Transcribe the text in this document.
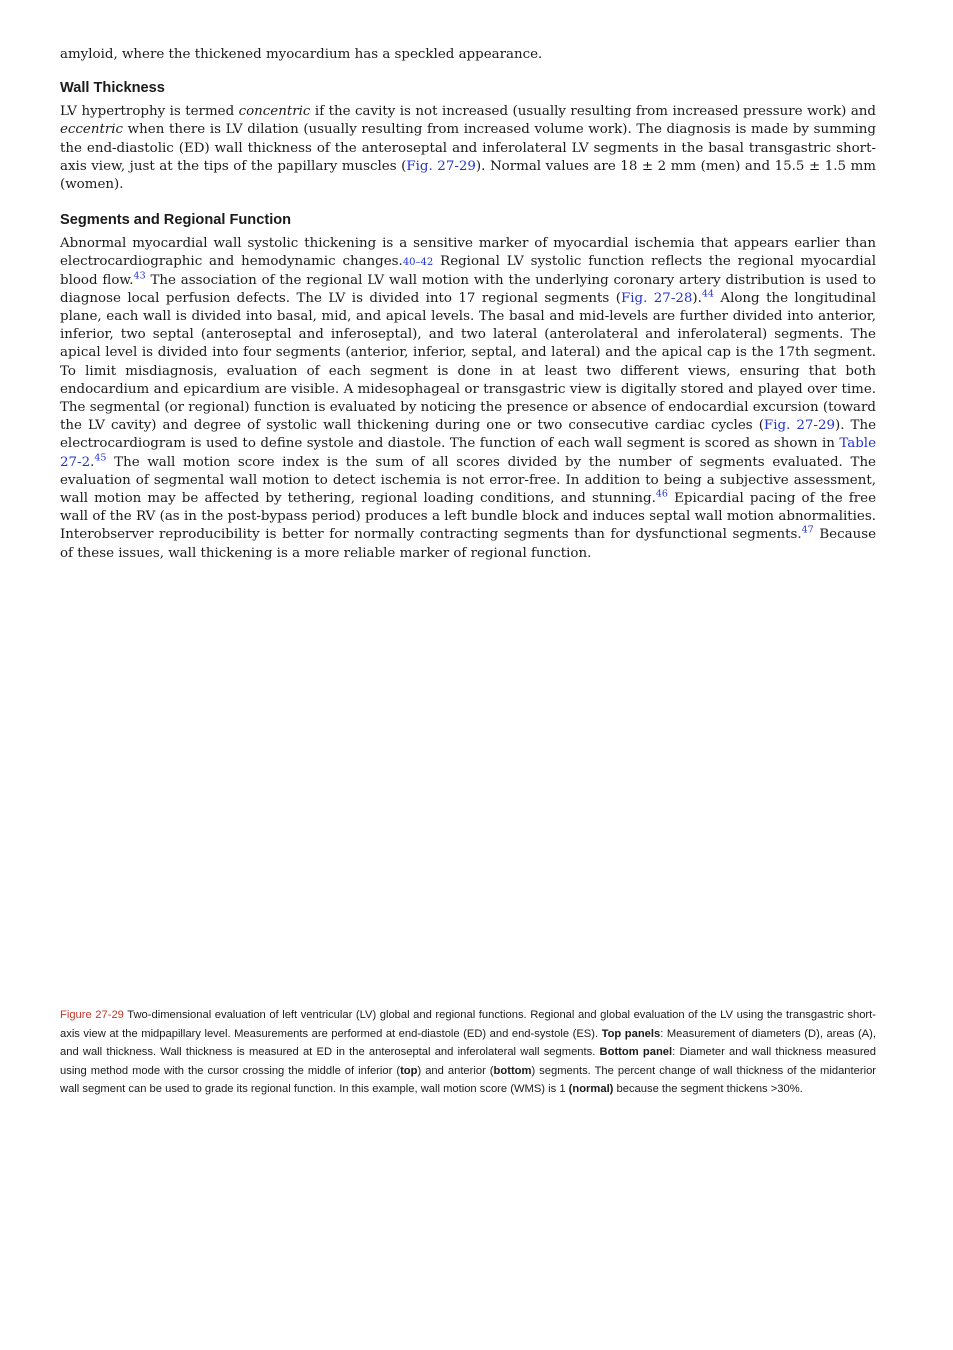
amyloid, where the thickened myocardium has a speckled appearance.

Wall Thickness

LV hypertrophy is termed concentric if the cavity is not increased (usually resulting from increased pressure work) and eccentric when there is LV dilation (usually resulting from increased volume work). The diagnosis is made by summing the end-diastolic (ED) wall thickness of the anteroseptal and inferolateral LV segments in the basal transgastric short-axis view, just at the tips of the papillary muscles (Fig. 27-29). Normal values are 18 ± 2 mm (men) and 15.5 ± 1.5 mm (women).

Segments and Regional Function

Abnormal myocardial wall systolic thickening is a sensitive marker of myocardial ischemia that appears earlier than electrocardiographic and hemodynamic changes.40–42 Regional LV systolic function reflects the regional myocardial blood flow.$^{43}$ The association of the regional LV wall motion with the underlying coronary artery distribution is used to diagnose local perfusion defects. The LV is divided into 17 regional segments (Fig. 27-28).$^{44}$ Along the longitudinal plane, each wall is divided into basal, mid, and apical levels. The basal and mid-levels are further divided into anterior, inferior, two septal (anteroseptal and inferoseptal), and two lateral (anterolateral and inferolateral) segments. The apical level is divided into four segments (anterior, inferior, septal, and lateral) and the apical cap is the 17th segment. To limit misdiagnosis, evaluation of each segment is done in at least two different views, ensuring that both endocardium and epicardium are visible. A midesophageal or transgastric view is digitally stored and played over time. The segmental (or regional) function is evaluated by noticing the presence or absence of endocardial excursion (toward the LV cavity) and degree of systolic wall thickening during one or two consecutive cardiac cycles (Fig. 27-29). The electrocardiogram is used to define systole and diastole. The function of each wall segment is scored as shown in Table 27-2.45 The wall motion score index is the sum of all scores divided by the number of segments evaluated. The evaluation of segmental wall motion to detect ischemia is not error-free. In addition to being a subjective assessment, wall motion may be affected by tethering, regional loading conditions, and stunning.$^{46}$ Epicardial pacing of the free wall of the RV (as in the post-bypass period) produces a left bundle block and induces septal wall motion abnormalities. Interobserver reproducibility is better for normally contracting segments than for dysfunctional segments.$^{47}$ Because of these issues, wall thickening is a more reliable marker of regional function.

Figure 27-29 Two-dimensional evaluation of left ventricular (LV) global and regional functions. Regional and global evaluation of the LV using the transgastric short-axis view at the midpapillary level. Measurements are performed at end-diastole (ED) and end-systole (ES). Top panels: Measurement of diameters (D), areas (A), and wall thickness. Wall thickness is measured at ED in the anteroseptal and inferolateral wall segments. Bottom panel: Diameter and wall thickness measured using method mode with the cursor crossing the middle of inferior (top) and anterior (bottom) segments. The percent change of wall thickness of the midanterior wall segment can be used to grade its regional function. In this example, wall motion score (WMS) is 1 (normal) because the segment thickens >30%.
